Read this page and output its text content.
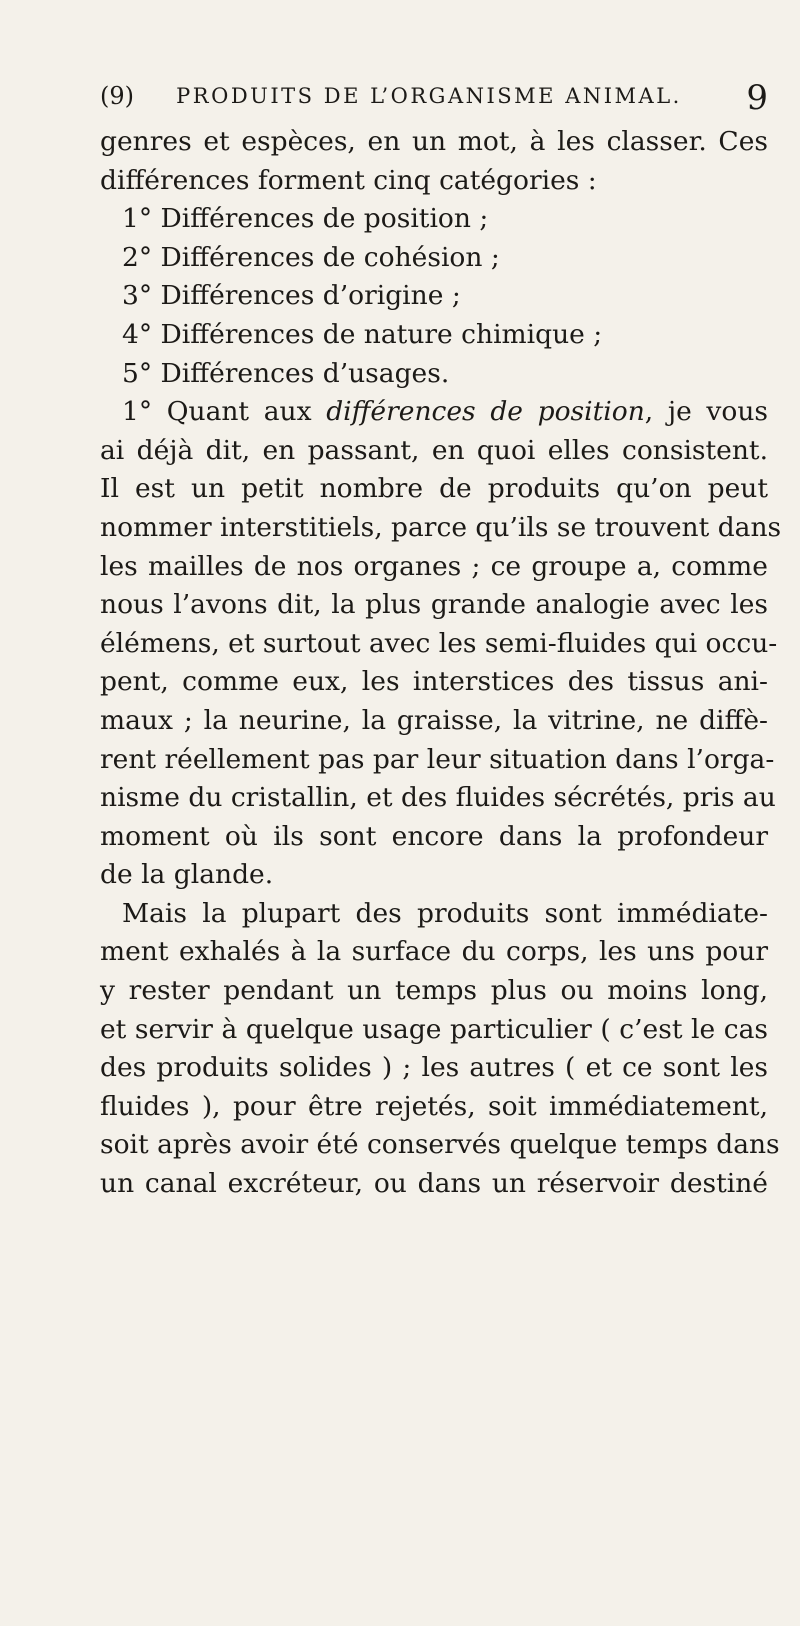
(9)	PRODUITS DE L’ORGANISME ANIMAL.	9
genres et espèces, en un mot, à les classer. Ces
différences forment cinq catégories :
1° Différences de position ;
2° Différences de cohésion ;
3° Différences d’origine ;
4° Différences de nature chimique ;
5° Différences d’usages.
1° Quant aux différences de position, je vous
ai déjà dit, en passant, en quoi elles consistent.
Il est un petit nombre de produits qu’on peut
nommer interstitiels, parce qu’ils se trouvent dans
les mailles de nos organes ; ce groupe a, comme
nous l’avons dit, la plus grande analogie avec les
élémens, et surtout avec les semi-fluides qui occu-
pent, comme eux, les interstices des tissus ani-
maux ; la neurine, la graisse, la vitrine, ne diffè-
rent réellement pas par leur situation dans l’orga-
nisme du cristallin, et des fluides sécrétés, pris au
moment où ils sont encore dans la profondeur
de la glande.
Mais la plupart des produits sont immédiate-
ment exhalés à la surface du corps, les uns pour
y rester pendant un temps plus ou moins long,
et servir à quelque usage particulier ( c’est le cas
des produits solides ) ; les autres ( et ce sont les
fluides ), pour être rejetés, soit immédiatement,
soit après avoir été conservés quelque temps dans
un canal excréteur, ou dans un réservoir destiné
